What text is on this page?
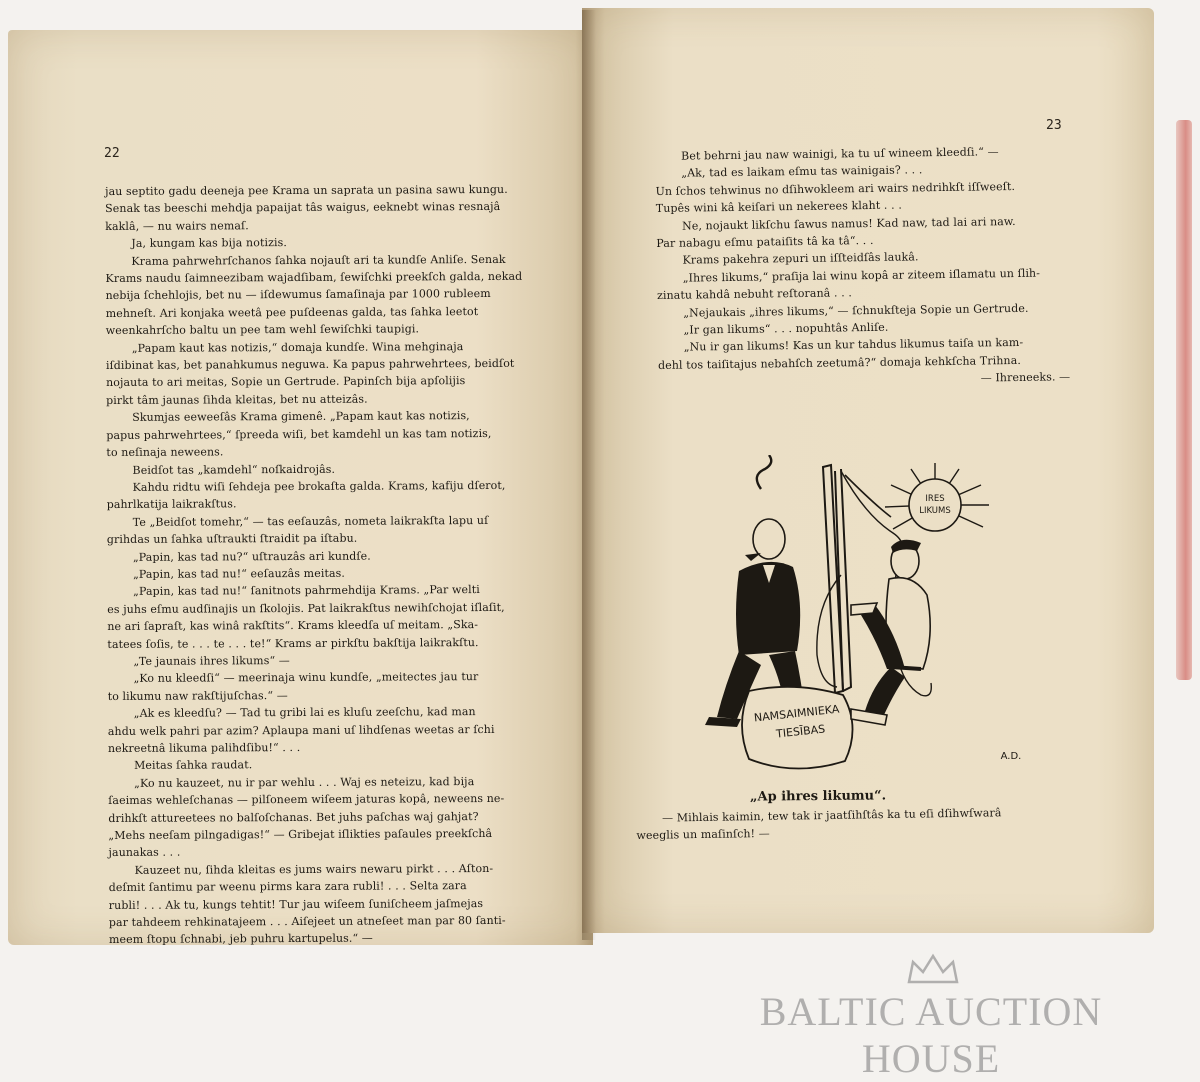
22
23

jau septito gadu deenejа pee Krama un saprata un pasina sawu kungu.

Senak tas beeschi mehdja papaijat tâs waigus, eeknebt winas resnajâ

kaklâ, — nu wairs nemaſ.

Ja, kungam kas bija notizis.

Krama pahrwehrſchanos ſahka nojauſt ari ta kundſe Anliſe. Senak

Krams naudu ſaimneezibam wajadſibam, ſewiſchki preekſch galda, nekad

nebija ſchehlojis, bet nu — iſdewumus ſamaſinaja par 1000 rubleem

mehneſt. Ari konjaka weetâ pee puſdeenas galda, tas ſahka leetot

weenkahrſcho baltu un pee tam wehl ſewiſchki taupigi.

„Papam kaut kas notizis,“ domaja kundſe. Wina mehginaja

iſdibinat kas, bet panahkumus neguwa. Ka papus pahrwehrtees, beidſot

nojauta to ari meitas, Sopie un Gertrude. Papinſch bija apſolijis

pirkt tâm jaunas ſihda kleitas, bet nu atteizâs.

Skumjas eeweeſâs Krama gimenê. „Papam kaut kas notizis,

papus pahrwehrtees,“ ſpreeda wiſi, bet kamdehl un kas tam notizis,

to neſinaja neweens.

Beidſot tas „kamdehl“ noſkaidrojâs.

Kahdu ridtu wiſi ſehdeja pee brokaſta galda. Krams, kafiju dſerot,

pahrlkatija laikrakſtus.

Te „Beidſot tomehr,“ — tas eeſauzâs, nometa laikrakſta lapu uſ

grihdas un ſahka uſtraukti ſtraidit pa iſtabu.

„Papin, kas tad nu?“ uſtrauzâs ari kundſe.

„Papin, kas tad nu!“ eeſauzâs meitas.

„Papin, kas tad nu!“ ſanitnots pahrmehdija Krams. „Par welti

es juhs eſmu audſinajis un ſkolojis. Pat laikrakſtus newihſchojat iſlaſit,

ne ari ſapraſt, kas winâ rakſtits“. Krams kleedſa uſ meitam. „Ska-

tatees ſoſis, te . . . te . . . te!“ Krams ar pirkſtu bakſtija laikrakſtu.

„Te jaunais ihres likums“ —

„Ko nu kleedſi“ — meerinaja winu kundſe, „meitectes jau tur

to likumu naw rakſtijuſchas.“ —

„Ak es kleedſu? — Tad tu gribi lai es kluſu zeeſchu, kad man

ahdu welk pahri par azim? Aplaupa mani uſ lihdſenas weetas ar ſchi

nekreetnâ likuma palihdſibu!“ . . .

Meitas ſahka raudat.

„Ko nu kauzeet, nu ir par wehlu . . . Waj es neteizu, kad bija

ſaeimas wehleſchanas — pilſoneem wiſeem jaturas kopâ, neweens ne-

drihkſt attureetees no balſoſchanas. Bet juhs paſchas waj gahjat?

„Mehs neeſam pilngadigas!“ — Gribejat iſlikties paſaules preekſchâ

jaunakas . . .

Kauzeet nu, ſihda kleitas es jums wairs newaru pirkt . . . Aſton-

deſmit ſantimu par weenu pirms kara zara rubli! . . . Selta zara

rubli! . . . Ak tu, kungs tehtit! Tur jau wiſeem ſuniſcheem jaſmejas

par tahdeem rehkinatajeem . . . Aiſejeet un atneſeet man par 80 ſanti-

meem ſtopu ſchnabi, jeb puhru kartupelus.“ —

Bet behrni jau naw wainigi, ka tu uſ wineem kleedſi.“ —

„Ak, tad es laikam eſmu tas wainigais? . . .

Un ſchos tehwinus no dſihwokleem ari wairs nedrihkſt iſſweeſt.

Tupês wini kâ keiſari un nekerees klaht . . .

Ne, nojaukt likſchu ſawus namus! Kad naw, tad lai ari naw.

Par nabagu eſmu pataiſits tâ ka tâ“. . .

Krams pakehra zepuri un iſſteidſâs laukâ.

„Ihres likums,“ praſija lai winu kopâ ar ziteem iſlamatu un ſlih-

zinatu kahdâ nebuht reſtoranâ . . .

„Nejaukais „ihres likums,“ — ſchnukſteja Sopie un Gertrude.

„Ir gan likums“ . . . nopuhtâs Anliſe.

„Nu ir gan likums! Kas un kur tahdus likumus taiſa un kam-

dehl tos taiſitajus nebahſch zeetumâ?“ domaja kehkſcha Trihna.

— Ihreneeks. —

IRES
LIKUMS
NAMSAIMNIEKA
TIESĪBAS
A.D.
„Ap ihres likumu“.

— Mihlais kaimin, tew tak ir jaatſihſtâs ka tu eſi dſihwſwarâ

weeglis un maſinſch! —

BALTIC AUCTION HOUSE
